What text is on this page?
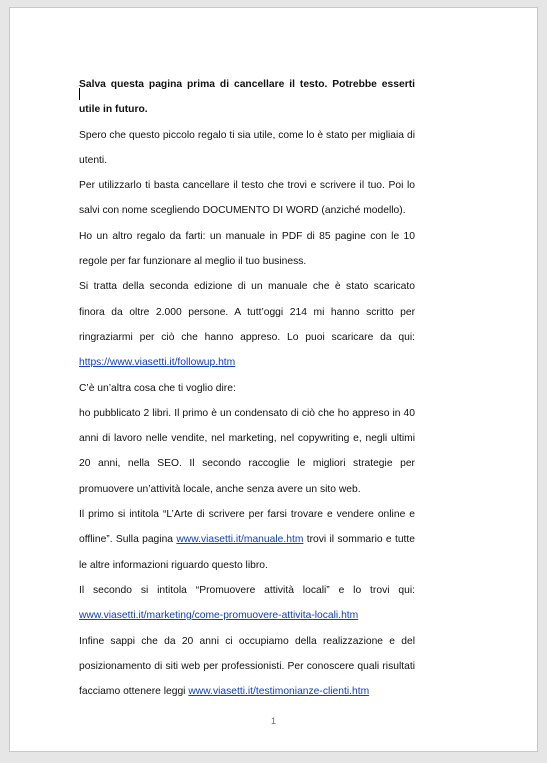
Salva questa pagina prima di cancellare il testo. Potrebbe esserti utile in futuro.

Spero che questo piccolo regalo ti sia utile, come lo è stato per migliaia di utenti.

Per utilizzarlo ti basta cancellare il testo che trovi e scrivere il tuo. Poi lo salvi con nome scegliendo DOCUMENTO DI WORD (anziché modello).

Ho un altro regalo da farti: un manuale in PDF di 85 pagine con le 10 regole per far funzionare al meglio il tuo business.

Si tratta della seconda edizione di un manuale che è stato scaricato finora da oltre 2.000 persone. A tutt’oggi 214 mi hanno scritto per ringraziarmi per ciò che hanno appreso. Lo puoi scaricare da qui: https://www.viasetti.it/followup.htm

C’è un’altra cosa che ti voglio dire:

ho pubblicato 2 libri. Il primo è un condensato di ciò che ho appreso in 40 anni di lavoro nelle vendite, nel marketing, nel copywriting e, negli ultimi 20 anni, nella SEO. Il secondo raccoglie le migliori strategie per promuovere un’attività locale, anche senza avere un sito web.

Il primo si intitola “L’Arte di scrivere per farsi trovare e vendere online e offline”. Sulla pagina www.viasetti.it/manuale.htm trovi il sommario e tutte le altre informazioni riguardo questo libro.

Il secondo si intitola “Promuovere attività locali” e lo trovi qui: www.viasetti.it/marketing/come-promuovere-attivita-locali.htm

Infine sappi che da 20 anni ci occupiamo della realizzazione e del posizionamento di siti web per professionisti. Per conoscere quali risultati facciamo ottenere leggi www.viasetti.it/testimonianze-clienti.htm

1
